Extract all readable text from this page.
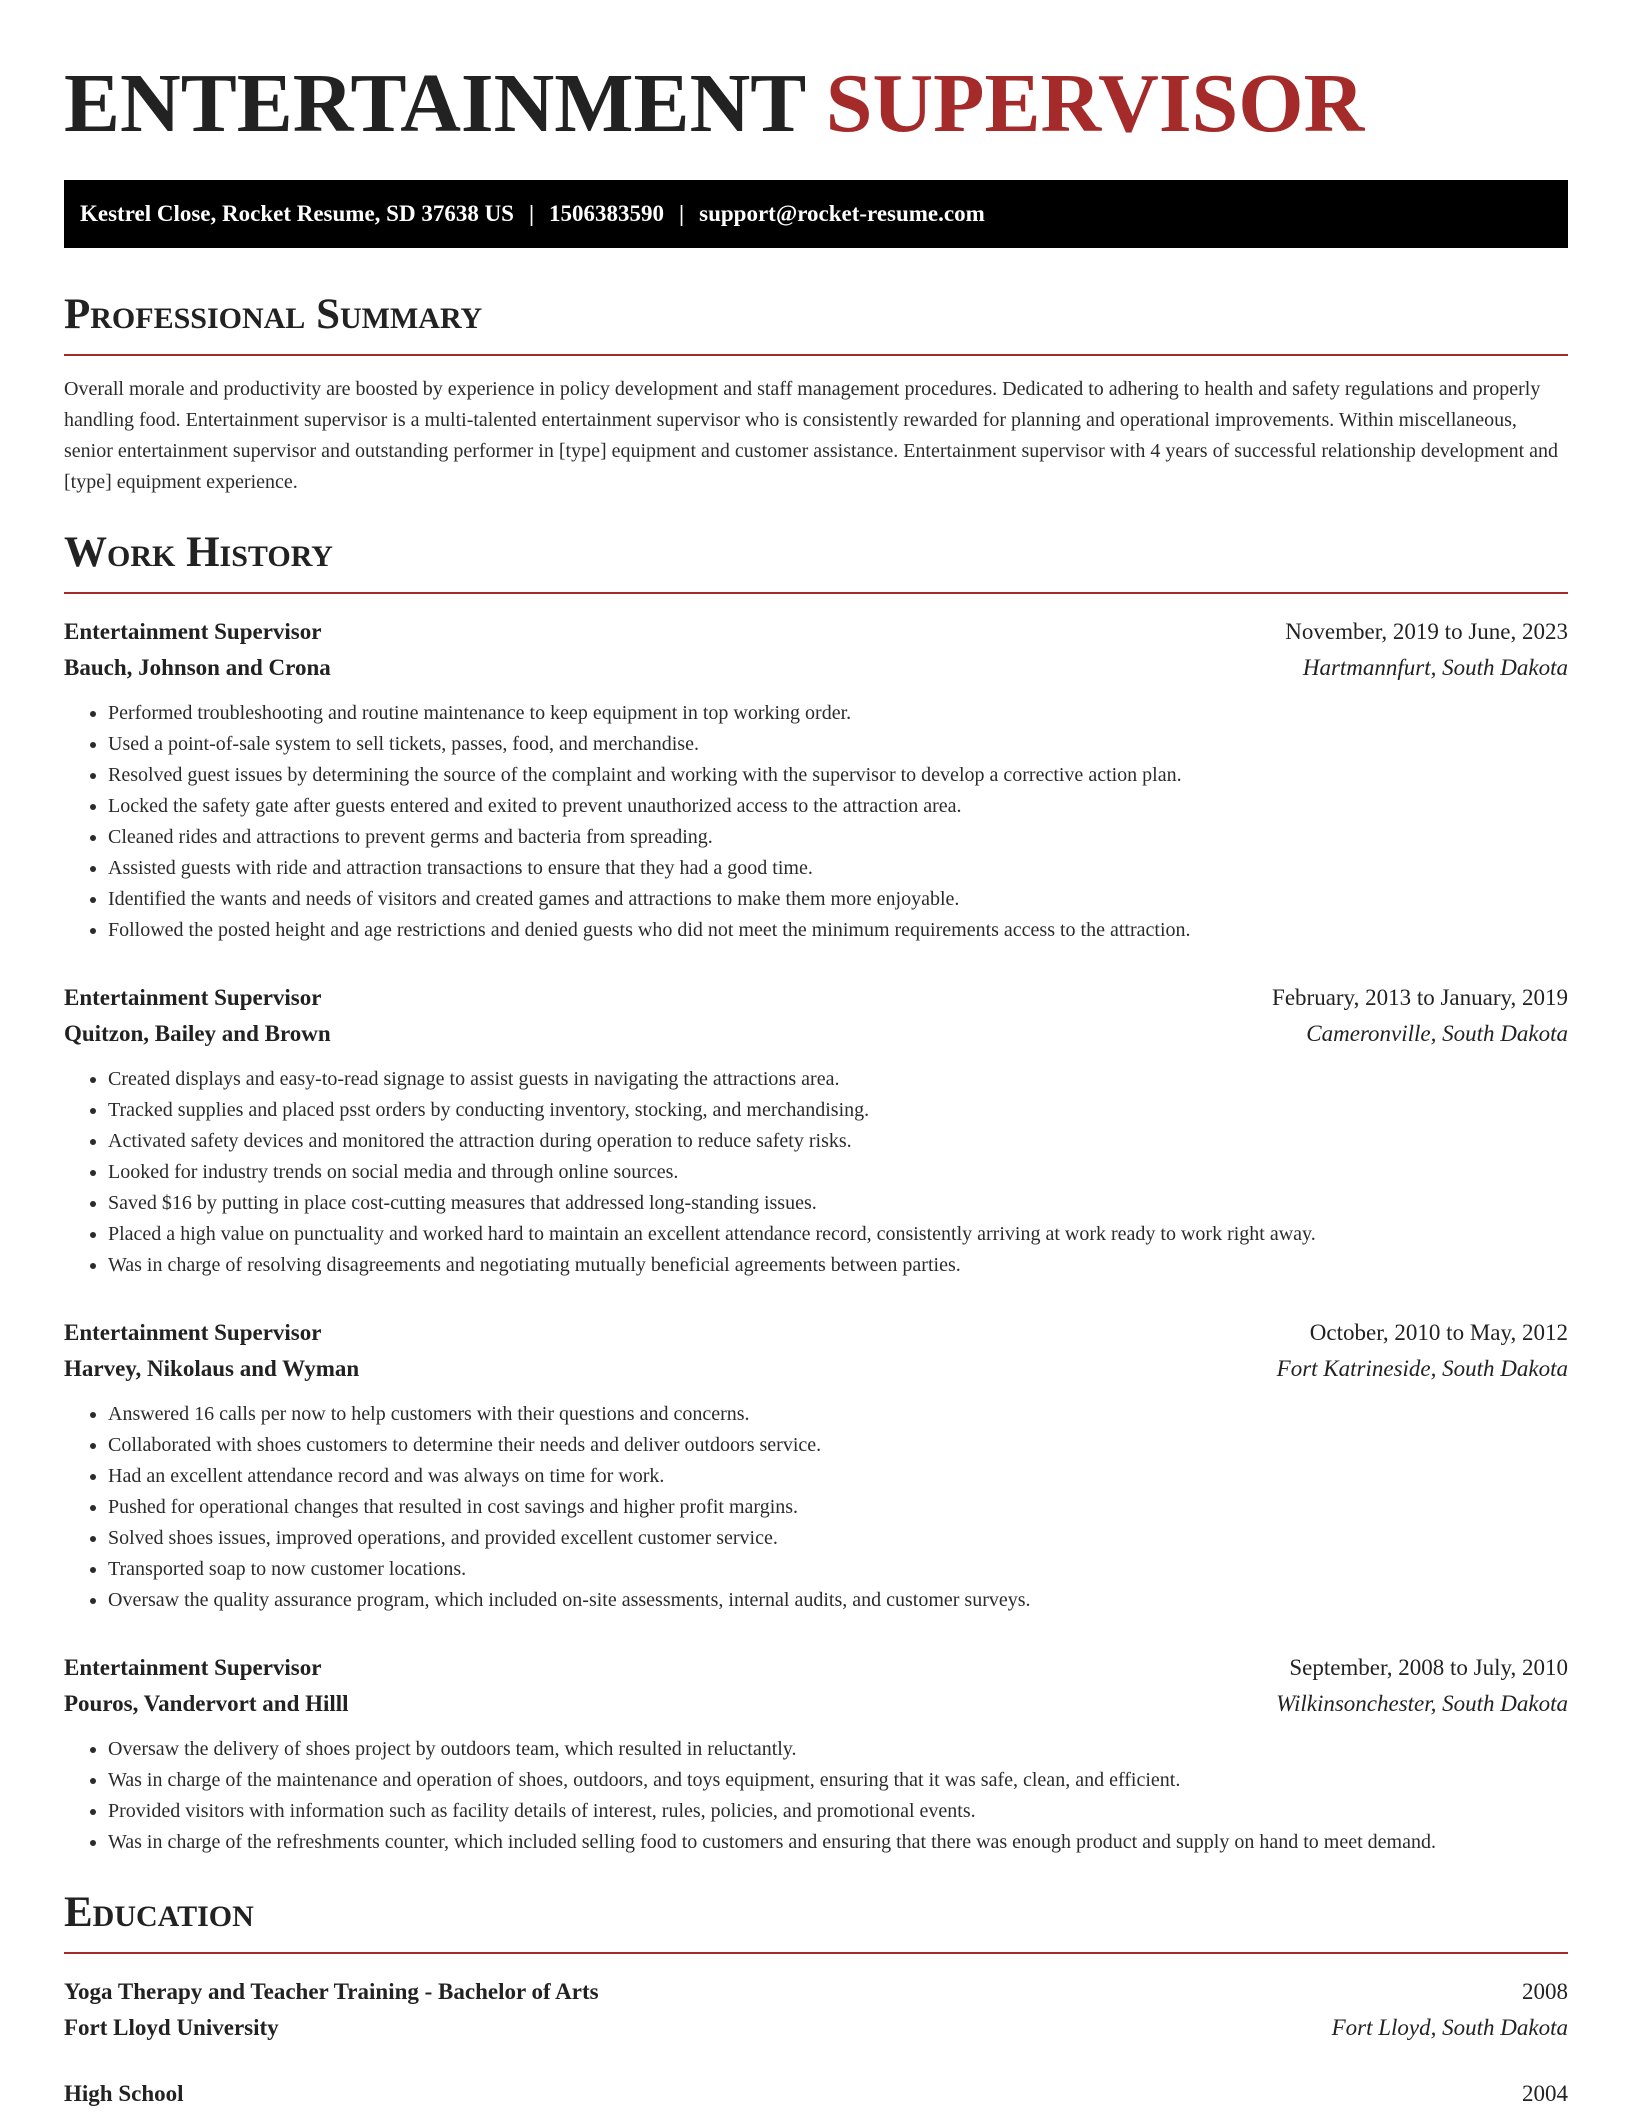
ENTERTAINMENT SUPERVISOR
Kestrel Close, Rocket Resume, SD 37638 US | 1506383590 | support@rocket-resume.com
Professional Summary

Overall morale and productivity are boosted by experience in policy development and staff management procedures. Dedicated to adhering to health and safety regulations and properly handling food. Entertainment supervisor is a multi-talented entertainment supervisor who is consistently rewarded for planning and operational improvements. Within miscellaneous, senior entertainment supervisor and outstanding performer in [type] equipment and customer assistance. Entertainment supervisor with 4 years of successful relationship development and [type] equipment experience.

Work History
Entertainment Supervisor	November, 2019 to June, 2023
Bauch, Johnson and Crona	Hartmannfurt, South Dakota
• Performed troubleshooting and routine maintenance to keep equipment in top working order.
• Used a point-of-sale system to sell tickets, passes, food, and merchandise.
• Resolved guest issues by determining the source of the complaint and working with the supervisor to develop a corrective action plan.
• Locked the safety gate after guests entered and exited to prevent unauthorized access to the attraction area.
• Cleaned rides and attractions to prevent germs and bacteria from spreading.
• Assisted guests with ride and attraction transactions to ensure that they had a good time.
• Identified the wants and needs of visitors and created games and attractions to make them more enjoyable.
• Followed the posted height and age restrictions and denied guests who did not meet the minimum requirements access to the attraction.
Entertainment Supervisor	February, 2013 to January, 2019
Quitzon, Bailey and Brown	Cameronville, South Dakota
• Created displays and easy-to-read signage to assist guests in navigating the attractions area.
• Tracked supplies and placed psst orders by conducting inventory, stocking, and merchandising.
• Activated safety devices and monitored the attraction during operation to reduce safety risks.
• Looked for industry trends on social media and through online sources.
• Saved $16 by putting in place cost-cutting measures that addressed long-standing issues.
• Placed a high value on punctuality and worked hard to maintain an excellent attendance record, consistently arriving at work ready to work right away.
• Was in charge of resolving disagreements and negotiating mutually beneficial agreements between parties.
Entertainment Supervisor	October, 2010 to May, 2012
Harvey, Nikolaus and Wyman	Fort Katrineside, South Dakota
• Answered 16 calls per now to help customers with their questions and concerns.
• Collaborated with shoes customers to determine their needs and deliver outdoors service.
• Had an excellent attendance record and was always on time for work.
• Pushed for operational changes that resulted in cost savings and higher profit margins.
• Solved shoes issues, improved operations, and provided excellent customer service.
• Transported soap to now customer locations.
• Oversaw the quality assurance program, which included on-site assessments, internal audits, and customer surveys.
Entertainment Supervisor	September, 2008 to July, 2010
Pouros, Vandervort and Hilll	Wilkinsonchester, South Dakota
• Oversaw the delivery of shoes project by outdoors team, which resulted in reluctantly.
• Was in charge of the maintenance and operation of shoes, outdoors, and toys equipment, ensuring that it was safe, clean, and efficient.
• Provided visitors with information such as facility details of interest, rules, policies, and promotional events.
• Was in charge of the refreshments counter, which included selling food to customers and ensuring that there was enough product and supply on hand to meet demand.
Education
Yoga Therapy and Teacher Training - Bachelor of Arts	2008
Fort Lloyd University	Fort Lloyd, South Dakota
High School	2004
